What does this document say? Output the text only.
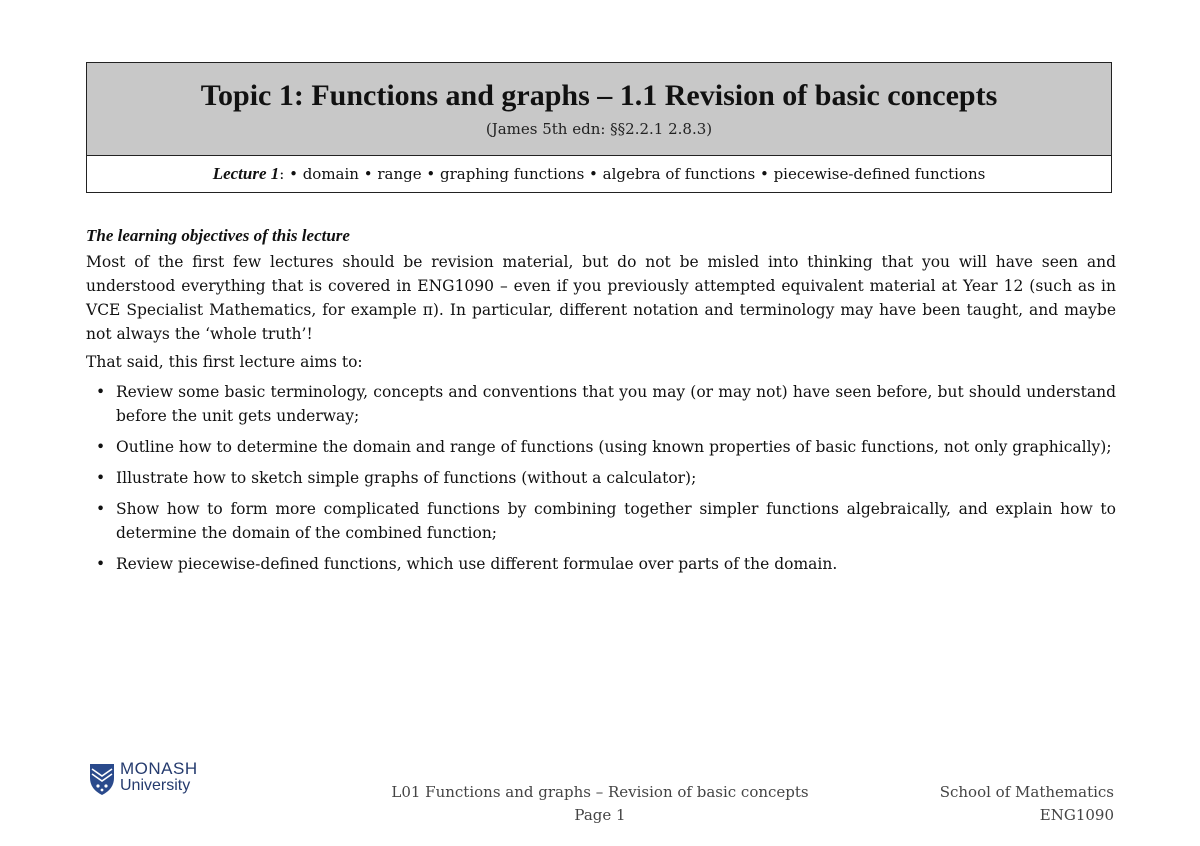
Topic 1: Functions and graphs – 1.1 Revision of basic concepts
(James 5th edn: §§2.2.1 2.8.3)
Lecture 1: • domain • range • graphing functions • algebra of functions • piecewise-defined functions

The learning objectives of this lecture

Most of the first few lectures should be revision material, but do not be misled into thinking that you will have seen and understood everything that is covered in ENG1090 – even if you previously attempted equivalent material at Year 12 (such as in VCE Specialist Mathematics, for example π). In particular, different notation and terminology may have been taught, and maybe not always the ‘whole truth’!

That said, this first lecture aims to:

• Review some basic terminology, concepts and conventions that you may (or may not) have seen before, but should understand before the unit gets underway;
• Outline how to determine the domain and range of functions (using known properties of basic functions, not only graphically);
• Illustrate how to sketch simple graphs of functions (without a calculator);
• Show how to form more complicated functions by combining together simpler functions algebraically, and explain how to determine the domain of the combined function;
• Review piecewise-defined functions, which use different formulae over parts of the domain.
MONASH
University	L01 Functions and graphs – Revision of basic concepts
Page 1
School of Mathematics
ENG1090
